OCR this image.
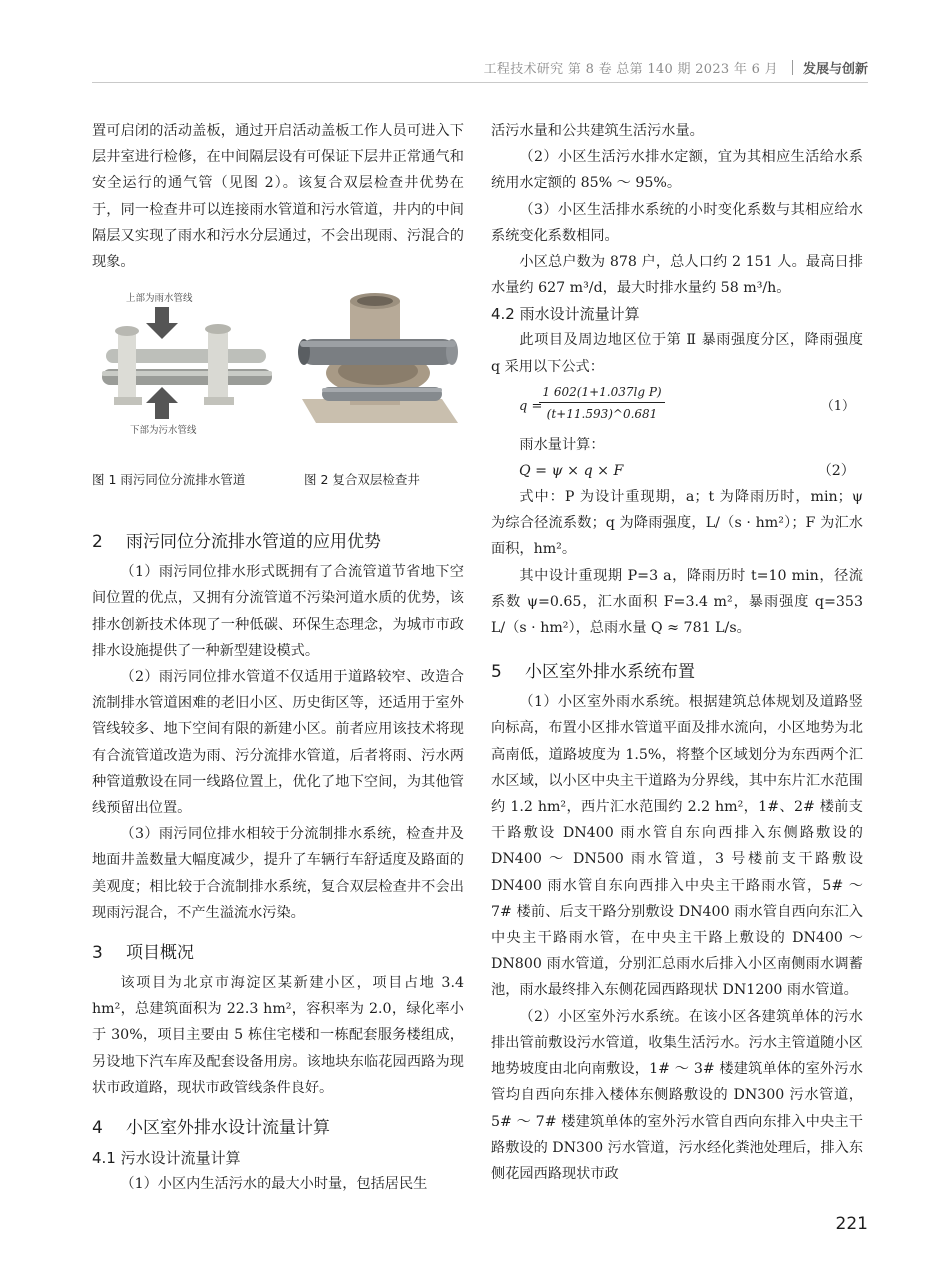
工程技术研究 第 8 卷 总第 140 期 2023 年 6 月 发展与创新

置可启闭的活动盖板，通过开启活动盖板工作人员可进入下层井室进行检修，在中间隔层设有可保证下层井正常通气和安全运行的通气管（见图 2）。该复合双层检查井优势在于，同一检查井可以连接雨水管道和污水管道，井内的中间隔层又实现了雨水和污水分层通过，不会出现雨、污混合的现象。

上部为雨水管线
下部为污水管线
图 1 雨污同位分流排水管道	图 2 复合双层检查井
2 雨污同位分流排水管道的应用优势

（1）雨污同位排水形式既拥有了合流管道节省地下空间位置的优点，又拥有分流管道不污染河道水质的优势，该排水创新技术体现了一种低碳、环保生态理念，为城市市政排水设施提供了一种新型建设模式。

（2）雨污同位排水管道不仅适用于道路较窄、改造合流制排水管道困难的老旧小区、历史街区等，还适用于室外管线较多、地下空间有限的新建小区。前者应用该技术将现有合流管道改造为雨、污分流排水管道，后者将雨、污水两种管道敷设在同一线路位置上，优化了地下空间，为其他管线预留出位置。

（3）雨污同位排水相较于分流制排水系统，检查井及地面井盖数量大幅度减少，提升了车辆行车舒适度及路面的美观度；相比较于合流制排水系统，复合双层检查井不会出现雨污混合，不产生溢流水污染。

3 项目概况

该项目为北京市海淀区某新建小区，项目占地 3.4 hm²，总建筑面积为 22.3 hm²，容积率为 2.0，绿化率小于 30%，项目主要由 5 栋住宅楼和一栋配套服务楼组成，另设地下汽车库及配套设备用房。该地块东临花园西路为现状市政道路，现状市政管线条件良好。

4 小区室外排水设计流量计算
4.1 污水设计流量计算

（1）小区内生活污水的最大小时量，包括居民生

活污水量和公共建筑生活污水量。

（2）小区生活污水排水定额，宜为其相应生活给水系统用水定额的 85% ～ 95%。

（3）小区生活排水系统的小时变化系数与其相应给水系统变化系数相同。

小区总户数为 878 户，总人口约 2 151 人。最高日排水量约 627 m³/d，最大时排水量约 58 m³/h。

4.2 雨水设计流量计算

此项目及周边地区位于第 Ⅱ 暴雨强度分区，降雨强度 q 采用以下公式：

q =
$\frac{\text{1 602(1+1.037lg P)}}{(t+11.593)\^{}0.681}$	（1）

雨水量计算：

Q = ψ × q × F	（2）

式中：P 为设计重现期，a；t 为降雨历时，min；ψ 为综合径流系数；q 为降雨强度，L/（s · hm²）；F 为汇水面积，hm²。

其中设计重现期 P=3 a，降雨历时 t=10 min，径流系数 ψ=0.65，汇水面积 F=3.4 m²，暴雨强度 q=353 L/（s · hm²），总雨水量 Q ≈ 781 L/s。

5 小区室外排水系统布置

（1）小区室外雨水系统。根据建筑总体规划及道路竖向标高，布置小区排水管道平面及排水流向，小区地势为北高南低，道路坡度为 1.5%，将整个区域划分为东西两个汇水区域，以小区中央主干道路为分界线，其中东片汇水范围约 1.2 hm²，西片汇水范围约 2.2 hm²，1#、2# 楼前支干路敷设 DN400 雨水管自东向西排入东侧路敷设的 DN400 ～ DN500 雨水管道，3 号楼前支干路敷设 DN400 雨水管自东向西排入中央主干路雨水管，5# ～ 7# 楼前、后支干路分别敷设 DN400 雨水管自西向东汇入中央主干路雨水管，在中央主干路上敷设的 DN400 ～ DN800 雨水管道，分别汇总雨水后排入小区南侧雨水调蓄池，雨水最终排入东侧花园西路现状 DN1200 雨水管道。

（2）小区室外污水系统。在该小区各建筑单体的污水排出管前敷设污水管道，收集生活污水。污水主管道随小区地势坡度由北向南敷设，1# ～ 3# 楼建筑单体的室外污水管均自西向东排入楼体东侧路敷设的 DN300 污水管道，5# ～ 7# 楼建筑单体的室外污水管自西向东排入中央主干路敷设的 DN300 污水管道，污水经化粪池处理后，排入东侧花园西路现状市政

221
